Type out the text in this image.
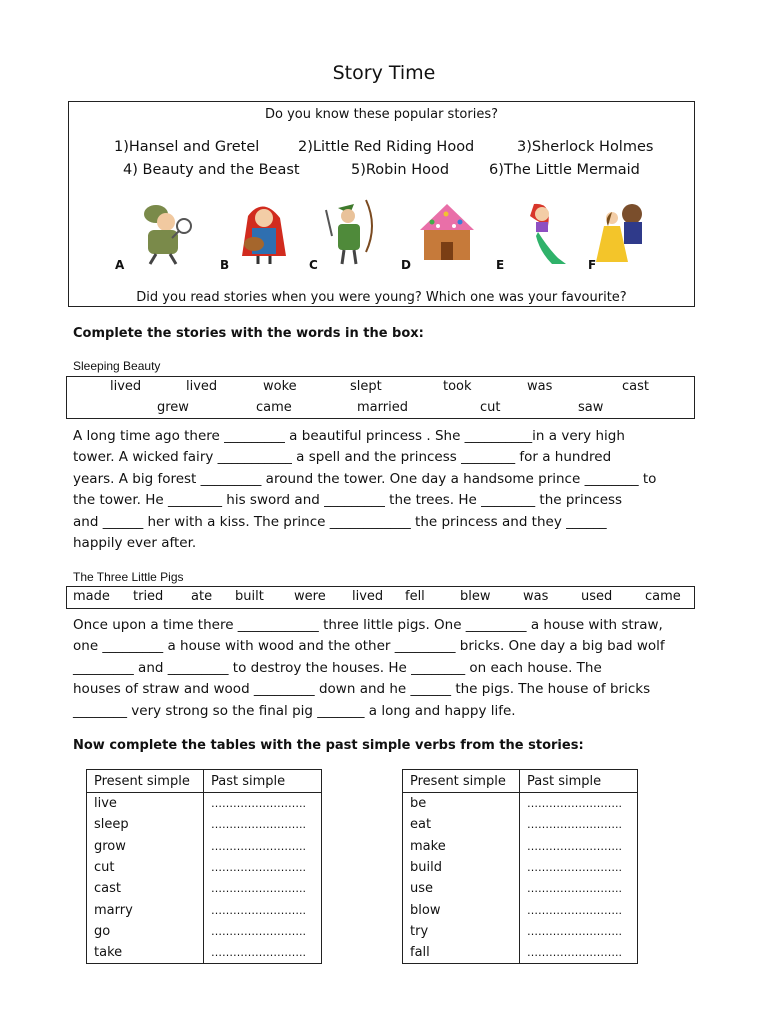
Story Time
Do you know these popular stories?
1)Hansel and Gretel	2)Little Red Riding Hood	3)Sherlock Holmes
4) Beauty and the Beast	5)Robin Hood	6)The Little Mermaid
A	B	C	D	E	F
Did you read stories when you were young? Which one was your favourite?
Complete the stories with the words in the box:
Sleeping Beauty
lived	lived	woke	slept	took	was	cast
grew	came	married	cut	saw
A long time ago there _________ a beautiful princess . She __________in a very high
tower. A wicked fairy ___________ a spell and the princess ________ for a hundred
years. A big forest _________ around the tower. One day a handsome prince ________ to
the tower. He ________ his sword and _________ the trees. He ________ the princess
and ______ her with a kiss. The prince ____________ the princess and they ______
happily ever after.
The Three Little Pigs
made tried ate built were lived fell	blew	was	used	came
Once upon a time there ____________ three little pigs. One _________ a house with straw,
one _________ a house with wood and the other _________ bricks. One day a big bad wolf
_________ and _________ to destroy the houses. He ________ on each house. The
houses of straw and wood _________ down and he ______ the pigs. The house of bricks
________ very strong so the final pig _______ a long and happy life.
Now complete the tables with the past simple verbs from the stories:
Present simple	Past simple
live	……………………..
sleep	……………………..
grow	……………………..
cut	……………………..
cast	……………………..
marry	……………………..
go	……………………..
take	……………………..
Present simple	Past simple
be	……………………..
eat	……………………..
make	……………………..
build	……………………..
use	……………………..
blow	……………………..
try	……………………..
fall	……………………..
